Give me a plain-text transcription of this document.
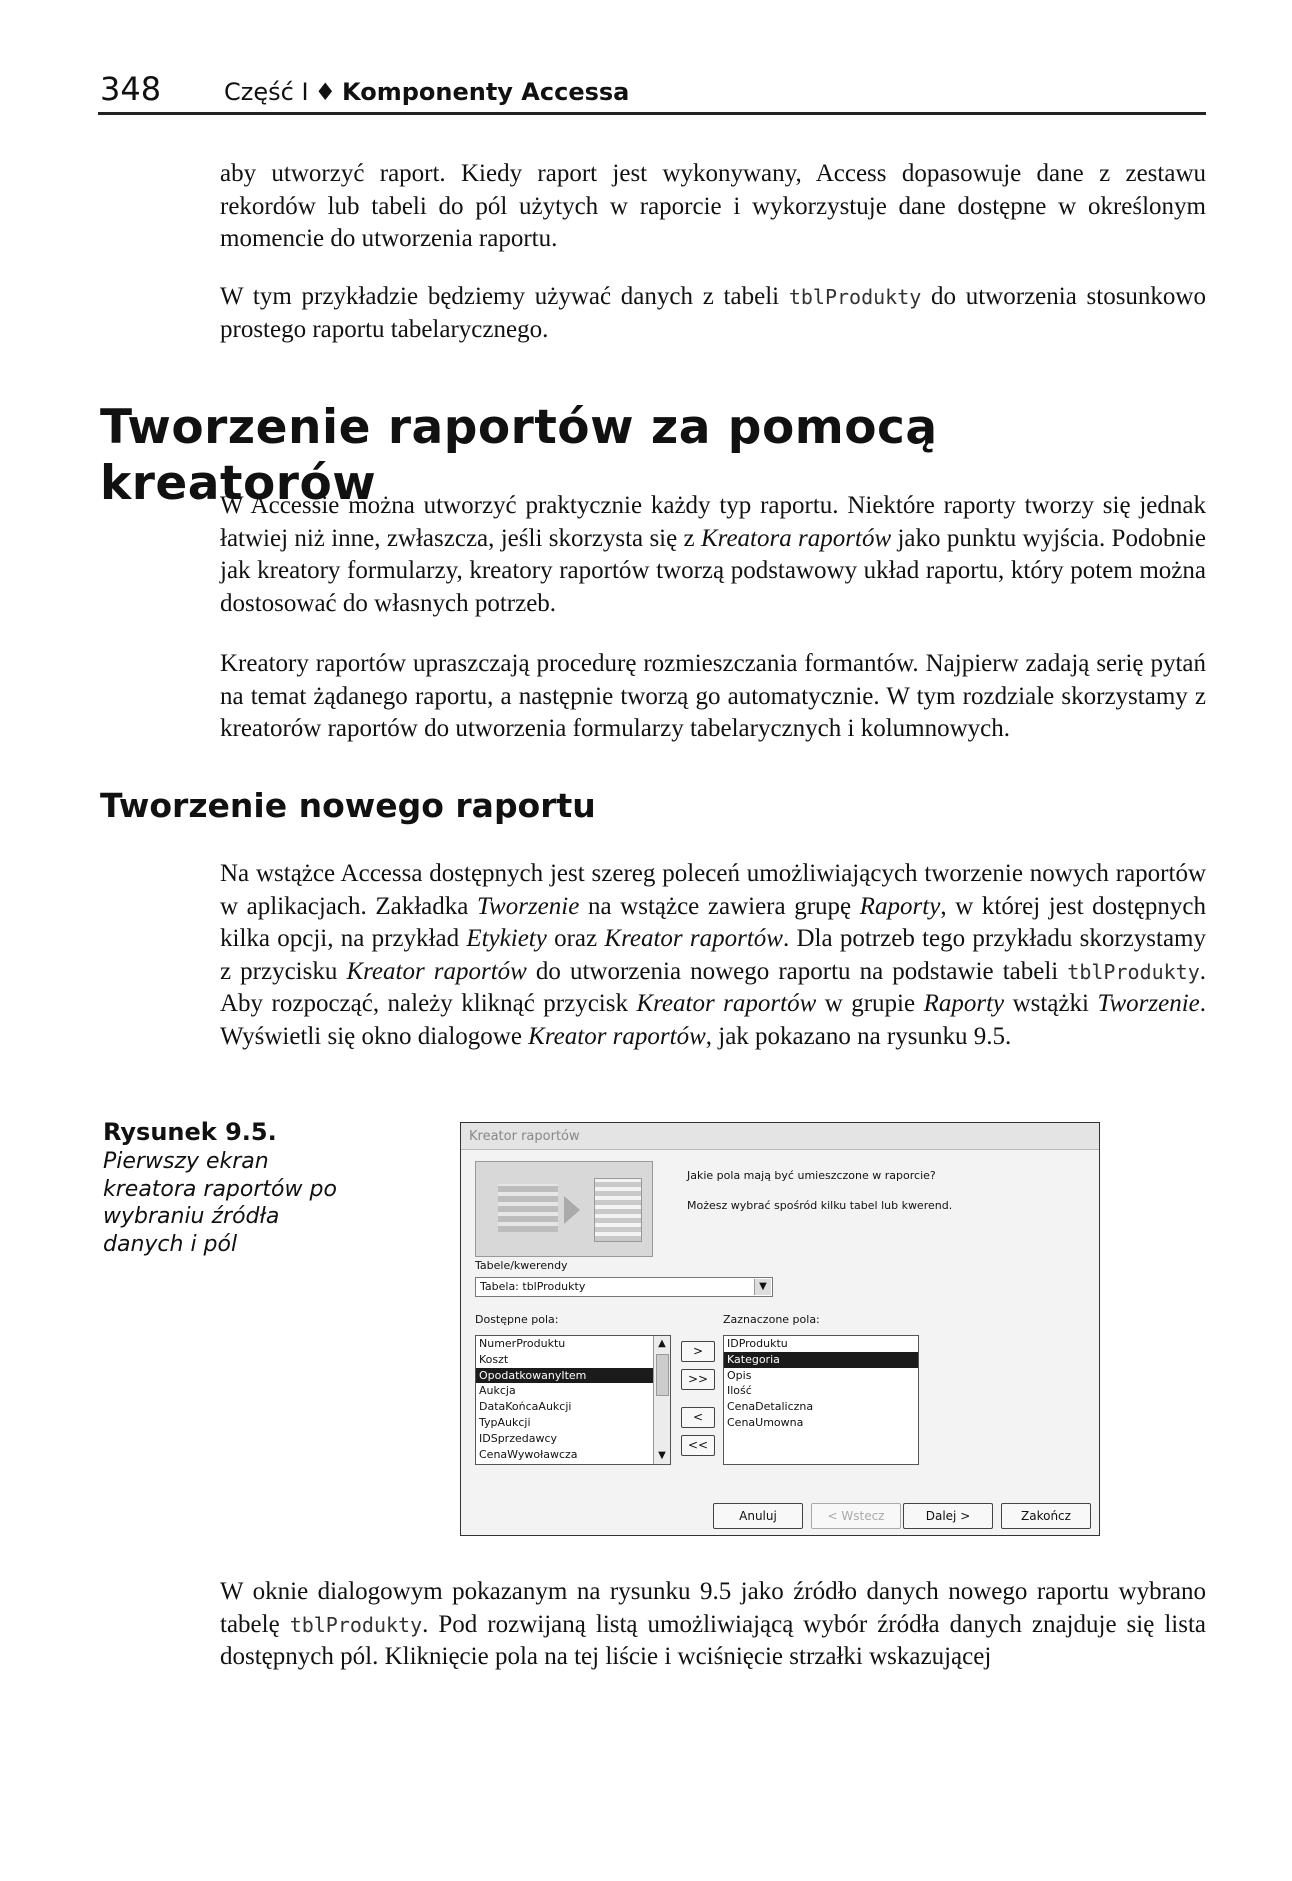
348	Część I ♦ Komponenty Accessa

aby utworzyć raport. Kiedy raport jest wykonywany, Access dopasowuje dane z zestawu rekordów lub tabeli do pól użytych w raporcie i wykorzystuje dane dostępne w określonym momencie do utworzenia raportu.

W tym przykładzie będziemy używać danych z tabeli tblProdukty do utworzenia stosunkowo prostego raportu tabelarycznego.

Tworzenie raportów za pomocą kreatorów

W Accessie można utworzyć praktycznie każdy typ raportu. Niektóre raporty tworzy się jednak łatwiej niż inne, zwłaszcza, jeśli skorzysta się z Kreatora raportów jako punktu wyjścia. Podobnie jak kreatory formularzy, kreatory raportów tworzą podstawowy układ raportu, który potem można dostosować do własnych potrzeb.

Kreatory raportów upraszczają procedurę rozmieszczania formantów. Najpierw zadają serię pytań na temat żądanego raportu, a następnie tworzą go automatycznie. W tym rozdziale skorzystamy z kreatorów raportów do utworzenia formularzy tabelarycznych i kolumnowych.

Tworzenie nowego raportu

Na wstążce Accessa dostępnych jest szereg poleceń umożliwiających tworzenie nowych raportów w aplikacjach. Zakładka Tworzenie na wstążce zawiera grupę Raporty, w której jest dostępnych kilka opcji, na przykład Etykiety oraz Kreator raportów. Dla potrzeb tego przykładu skorzystamy z przycisku Kreator raportów do utworzenia nowego raportu na podstawie tabeli tblProdukty. Aby rozpocząć, należy kliknąć przycisk Kreator raportów w grupie Raporty wstążki Tworzenie. Wyświetli się okno dialogowe Kreator raportów, jak pokazano na rysunku 9.5.

Rysunek 9.5.
Pierwszy ekran kreatora raportów po wybraniu źródła danych i pól
Kreator raportów
Jakie pola mają być umieszczone w raporcie?
Możesz wybrać spośród kilku tabel lub kwerend.
Tabele/kwerendy
Tabela: tblProdukty	▼
Dostępne pola:	Zaznaczone pola:
NumerProduktu
Koszt
OpodatkowanyItem
Aukcja
DataKońcaAukcji
TypAukcji
IDSprzedawcy
CenaWywoławcza
▲
▼
>
>>
<
<<
IDProduktu
Kategoria
Opis
Ilość
CenaDetaliczna
CenaUmowna
Anuluj	< Wstecz	Dalej >	Zakończ

W oknie dialogowym pokazanym na rysunku 9.5 jako źródło danych nowego raportu wybrano tabelę tblProdukty. Pod rozwijaną listą umożliwiającą wybór źródła danych znajduje się lista dostępnych pól. Kliknięcie pola na tej liście i wciśnięcie strzałki wskazującej
